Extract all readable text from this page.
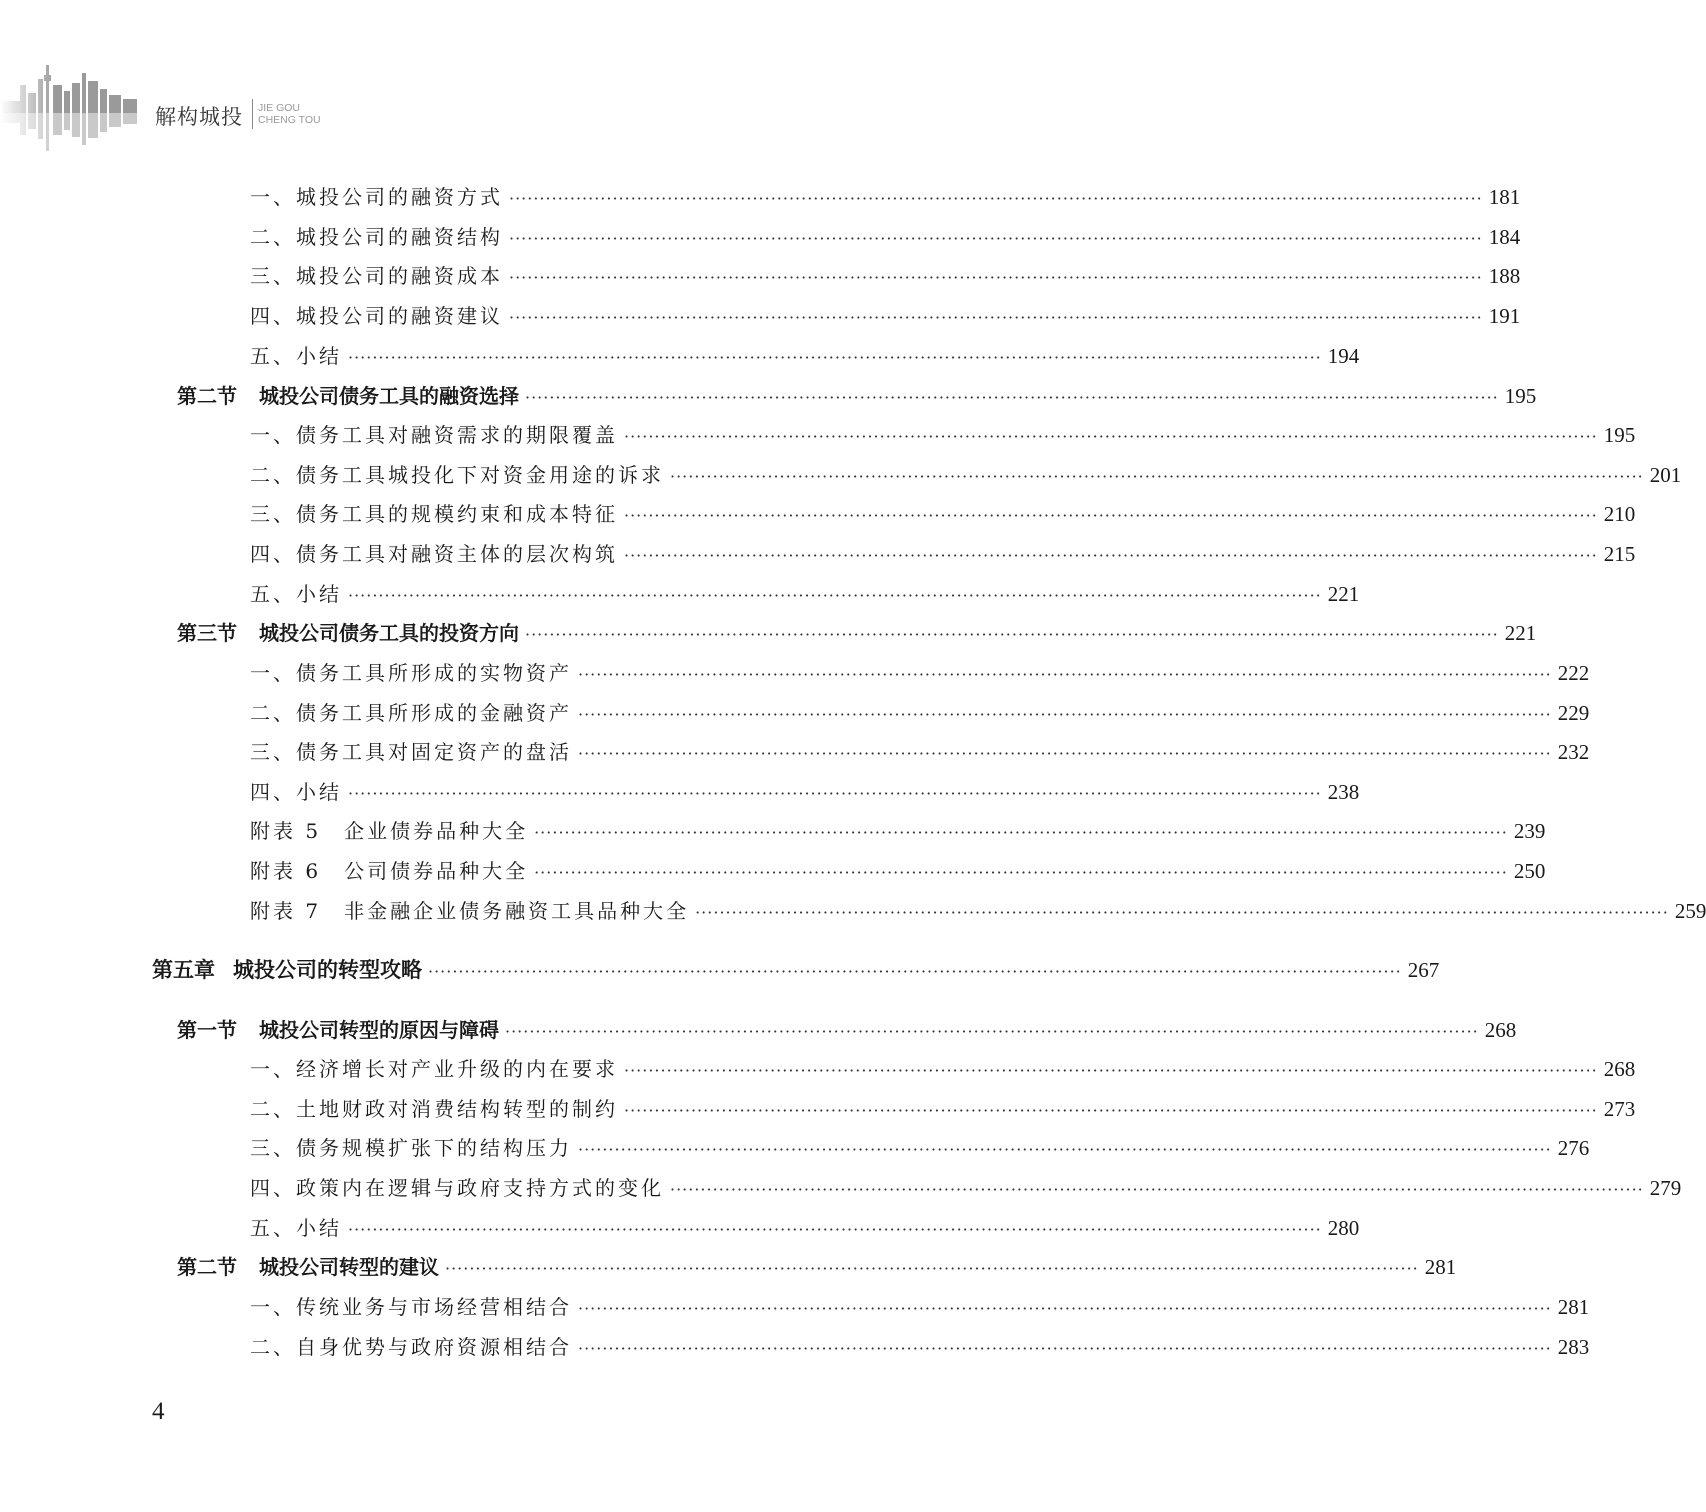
解构城投 JIE GOU
CHENG TOU
一、城投公司的融资方式 ································································································································································ 181
二、城投公司的融资结构 ································································································································································ 184
三、城投公司的融资成本 ································································································································································ 188
四、城投公司的融资建议 ································································································································································ 191
五、小结 ································································································································································ 194
第二节 城投公司债务工具的融资选择 ································································································································································ 195
一、债务工具对融资需求的期限覆盖 ································································································································································ 195
二、债务工具城投化下对资金用途的诉求 ································································································································································ 201
三、债务工具的规模约束和成本特征 ································································································································································ 210
四、债务工具对融资主体的层次构筑 ································································································································································ 215
五、小结 ································································································································································ 221
第三节 城投公司债务工具的投资方向 ································································································································································ 221
一、债务工具所形成的实物资产 ································································································································································ 222
二、债务工具所形成的金融资产 ································································································································································ 229
三、债务工具对固定资产的盘活 ································································································································································ 232
四、小结 ································································································································································ 238
附表 5　企业债券品种大全 ································································································································································ 239
附表 6　公司债券品种大全 ································································································································································ 250
附表 7　非金融企业债务融资工具品种大全 ································································································································································ 259
第五章 城投公司的转型攻略 ································································································································································ 267
第一节 城投公司转型的原因与障碍 ································································································································································ 268
一、经济增长对产业升级的内在要求 ································································································································································ 268
二、土地财政对消费结构转型的制约 ································································································································································ 273
三、债务规模扩张下的结构压力 ································································································································································ 276
四、政策内在逻辑与政府支持方式的变化 ································································································································································ 279
五、小结 ································································································································································ 280
第二节 城投公司转型的建议 ································································································································································ 281
一、传统业务与市场经营相结合 ································································································································································ 281
二、自身优势与政府资源相结合 ································································································································································ 283
4
